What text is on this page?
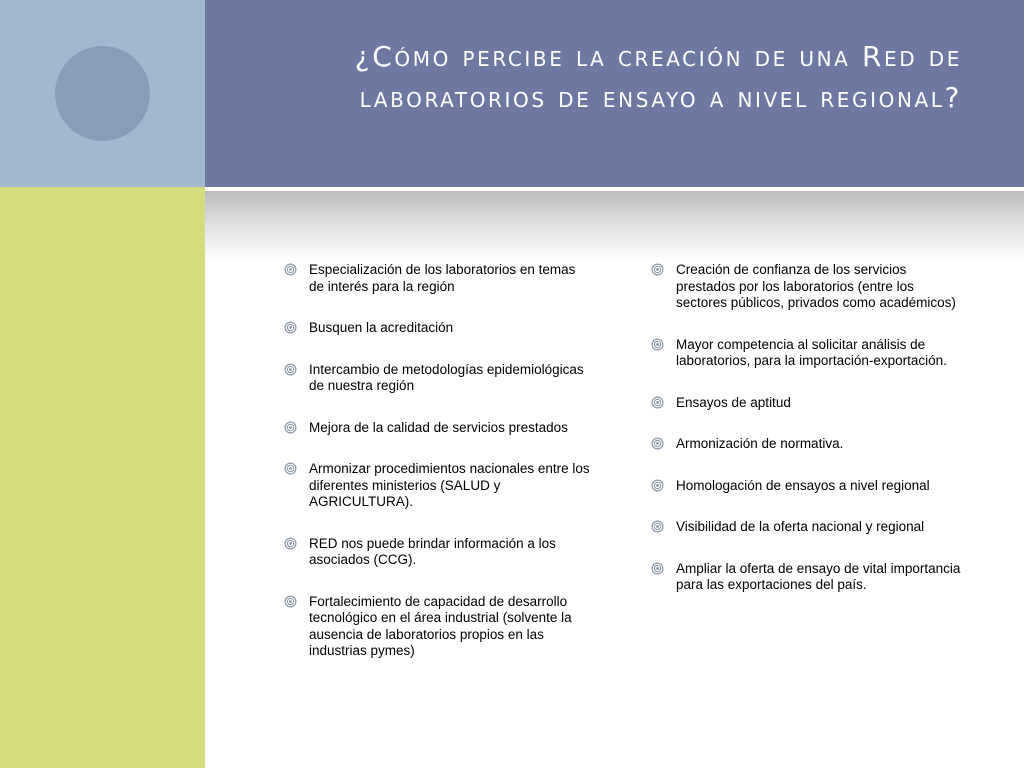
¿Cómo percibe la creación de una Red de
laboratorios de ensayo a nivel regional?
Especialización de los laboratorios en temas de interés para la región
Busquen la acreditación
Intercambio de metodologías epidemiológicas de nuestra región
Mejora de la calidad de servicios prestados
Armonizar procedimientos nacionales entre los diferentes ministerios (SALUD y AGRICULTURA).
RED nos puede brindar información a los asociados (CCG).
Fortalecimiento de capacidad de desarrollo tecnológico en el área industrial (solvente la ausencia de laboratorios propios en las industrias pymes)
Creación de confianza de los servicios prestados por los laboratorios (entre los sectores públicos, privados como académicos)
Mayor competencia al solicitar análisis de laboratorios, para la importación-exportación.
Ensayos de aptitud
Armonización de normativa.
Homologación de ensayos a nivel regional
Visibilidad de la oferta nacional y regional
Ampliar la oferta de ensayo de vital importancia para las exportaciones del país.
